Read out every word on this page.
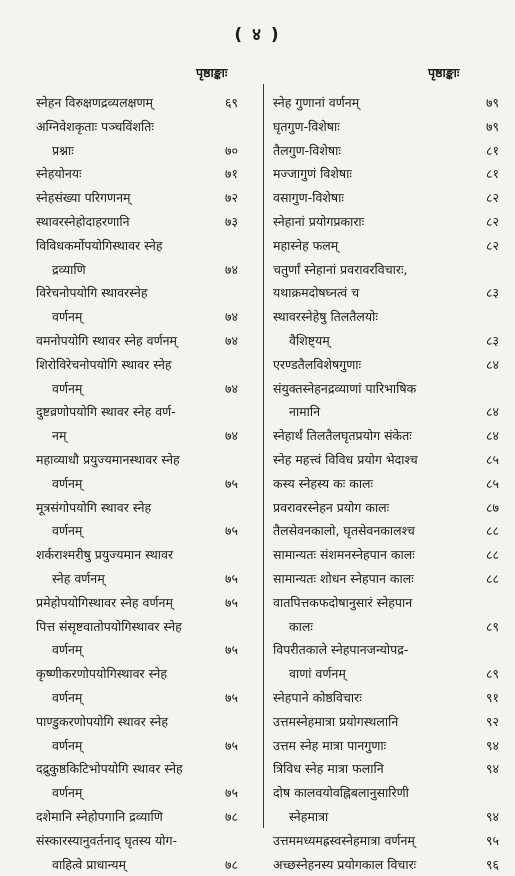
( ४ )
पृष्ठाङ्काः	पृष्ठाङ्काः
स्नेहन विरुक्षणद्रव्यलक्षणम्	६९
अग्निवेशकृताः पञ्चविंशतिः
प्रश्नाः	७०
स्नेहयोनयः	७१
स्नेहसंख्या परिगणनम्	७२
स्थावरस्नेहोदाहरणानि	७३
विविधकर्मोपयोगिस्थावर स्नेह
द्रव्याणि	७४
विरेचनोपयोगि स्थावरस्नेह
वर्णनम्	७४
वमनोपयोगि स्थावर स्नेह वर्णनम्	७४
शिरोविरेचनोपयोगि स्थावर स्नेह
वर्णनम्	७४
दुष्टव्रणोपयोगि स्थावर स्नेह वर्ण-
नम्	७४
महाव्याधौ प्रयुज्यमानस्थावर स्नेह
वर्णनम्	७५
मूत्रसंगोपयोगि स्थावर स्नेह
वर्णनम्	७५
शर्कराश्मरीषु प्रयुज्यमान स्थावर
स्नेह वर्णनम्	७५
प्रमेहोपयोगिस्थावर स्नेह वर्णनम्	७५
पित्त संसृष्टवातोपयोगिस्थावर स्नेह
वर्णनम्	७५
कृष्णीकरणोपयोगिस्थावर स्नेह
वर्णनम्	७५
पाण्डुकरणोपयोगि स्थावर स्नेह
वर्णनम्	७५
दद्रुकुष्ठकिटिभोपयोगि स्थावर स्नेह
वर्णनम्	७५
दशेमानि स्नेहोपगानि द्रव्याणि	७८
संस्कारस्यानुवर्तनाद् घृतस्य योग-
वाहित्वे प्राधान्यम्	७८
स्नेह गुणानां वर्णनम्	७९
घृतगुण-विशेषाः	७९
तैलगुण-विशेषाः	८१
मज्जागुणं विशेषाः	८१
वसागुण-विशेषाः	८२
स्नेहानां प्रयोगप्रकाराः	८२
महास्नेह फलम्	८२
चतुर्णां स्नेहानां प्रवरावरविचारः,
यथाक्रमदोषघ्नत्वं च	८३
स्थावरस्नेहेषु तिलतैलयोः
वैशिष्ट्यम्	८३
एरण्डतैलविशेषगुणाः	८४
संयुक्तस्नेहनद्रव्याणां पारिभाषिक
नामानि	८४
स्नेहार्थं तिलतैलघृतप्रयोग संकेतः	८४
स्नेह महत्त्वं विविध प्रयोग भेदाश्च	८५
कस्य स्नेहस्य कः कालः	८५
प्रवरावरस्नेहन प्रयोग कालः	८७
तैलसेवनकालो, घृतसेवनकालश्च	८८
सामान्यतः संशमनस्नेहपान कालः	८८
सामान्यतः शोधन स्नेहपान कालः	८८
वातपित्तकफदोषानुसारं स्नेहपान
कालः	८९
विपरीतकाले स्नेहपानजन्योपद्र-
वाणां वर्णनम्	८९
स्नेहपाने कोष्ठविचारः	९१
उत्तमस्नेहमात्रा प्रयोगस्थलानि	९२
उत्तम स्नेह मात्रा पानगुणाः	९४
त्रिविध स्नेह मात्रा फलानि	९४
दोष कालवयोवह्निबलानुसारिणी
स्नेहमात्रा	९४
उत्तममध्यमह्रस्वस्नेहमात्रा वर्णनम्	९५
अच्छस्नेहनस्य प्रयोगकाल विचारः	९६
